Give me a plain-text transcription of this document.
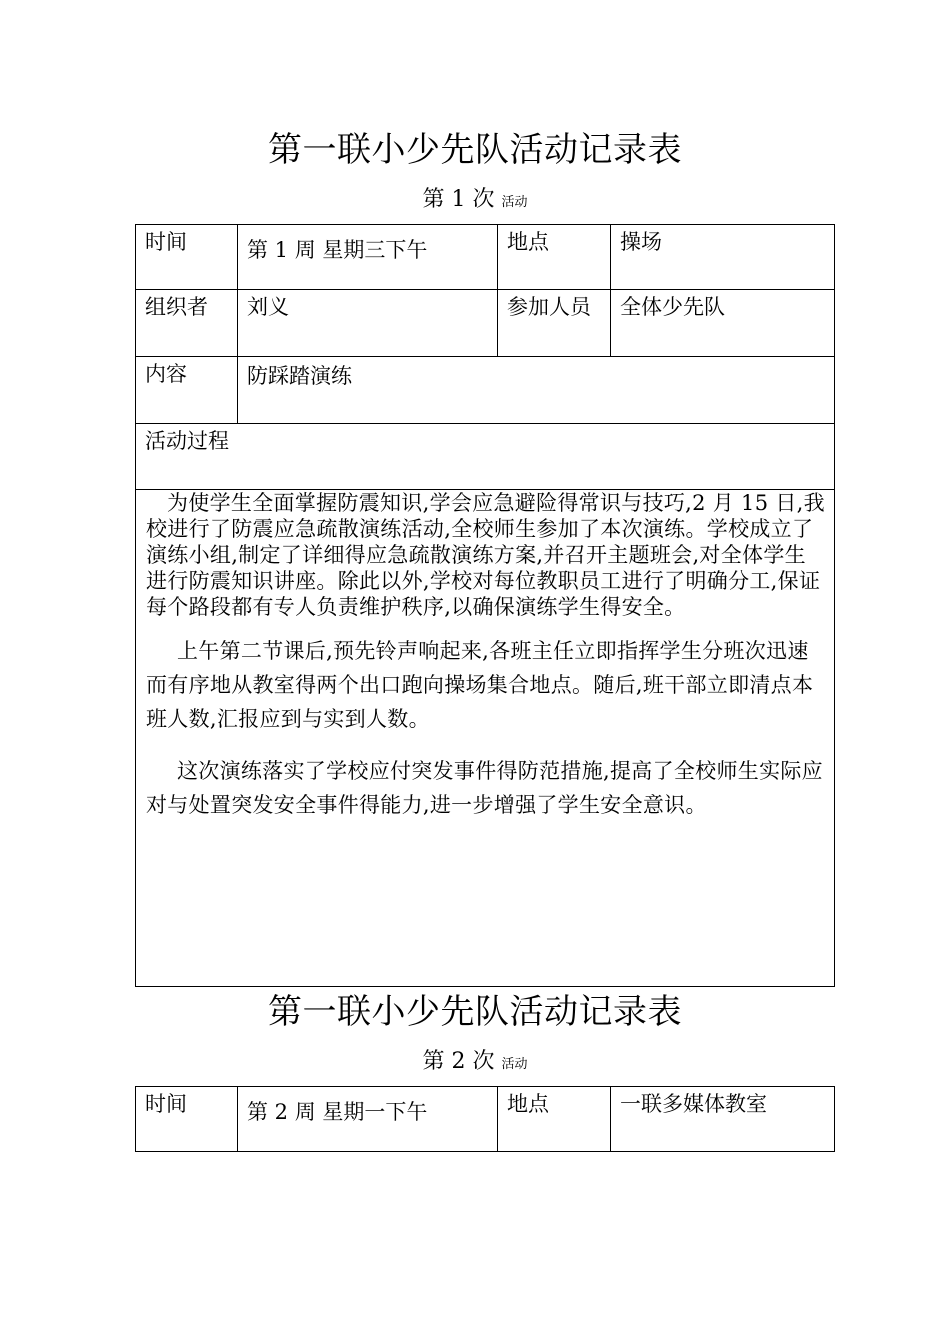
第一联小少先队活动记录表
第 1 次 活动
时间	第 1 周 星期三下午	地点	操场
组织者	刘义	参加人员	全体少先队
内容	防踩踏演练		
活动过程			

为使学生全面掌握防震知识,学会应急避险得常识与技巧,2 月 15 日,我校进行了防震应急疏散演练活动,全校师生参加了本次演练。学校成立了演练小组,制定了详细得应急疏散演练方案,并召开主题班会,对全体学生进行防震知识讲座。除此以外,学校对每位教职员工进行了明确分工,保证每个路段都有专人负责维护秩序,以确保演练学生得安全。

上午第二节课后,预先铃声响起来,各班主任立即指挥学生分班次迅速而有序地从教室得两个出口跑向操场集合地点。随后,班干部立即清点本班人数,汇报应到与实到人数。

这次演练落实了学校应付突发事件得防范措施,提高了全校师生实际应对与处置突发安全事件得能力,进一步增强了学生安全意识。			

第一联小少先队活动记录表
第 2 次 活动
时间	第 2 周 星期一下午	地点	一联多媒体教室
